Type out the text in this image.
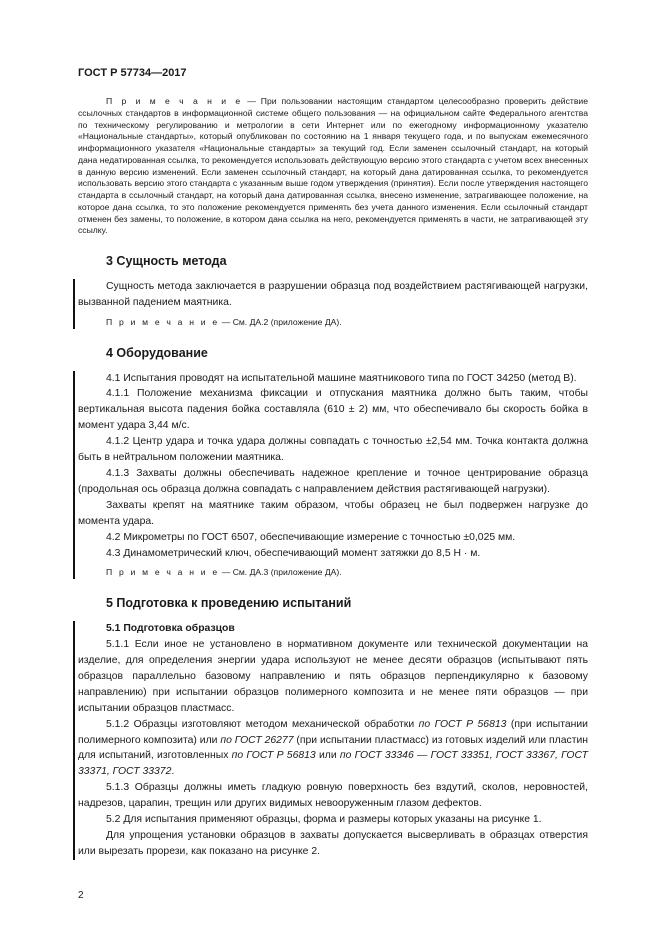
ГОСТ Р 57734—2017

П р и м е ч а н и е — При пользовании настоящим стандартом целесообразно проверить действие ссылочных стандартов в информационной системе общего пользования — на официальном сайте Федерального агентства по техническому регулированию и метрологии в сети Интернет или по ежегодному информационному указателю «Национальные стандарты», который опубликован по состоянию на 1 января текущего года, и по выпускам ежемесячного информационного указателя «Национальные стандарты» за текущий год. Если заменен ссылочный стандарт, на который дана недатированная ссылка, то рекомендуется использовать действующую версию этого стандарта с учетом всех внесенных в данную версию изменений. Если заменен ссылочный стандарт, на который дана датированная ссылка, то рекомендуется использовать версию этого стандарта с указанным выше годом утверждения (принятия). Если после утверждения настоящего стандарта в ссылочный стандарт, на который дана датированная ссылка, внесено изменение, затрагивающее положение, на которое дана ссылка, то это положение рекомендуется применять без учета данного изменения. Если ссылочный стандарт отменен без замены, то положение, в котором дана ссылка на него, рекомендуется применять в части, не затрагивающей эту ссылку.

3 Сущность метода

Сущность метода заключается в разрушении образца под воздействием растягивающей нагрузки, вызванной падением маятника.

П р и м е ч а н и е — См. ДА.2 (приложение ДА).

4 Оборудование

4.1 Испытания проводят на испытательной машине маятникового типа по ГОСТ 34250 (метод В).

4.1.1 Положение механизма фиксации и отпускания маятника должно быть таким, чтобы вертикальная высота падения бойка составляла (610 ± 2) мм, что обеспечивало бы скорость бойка в момент удара 3,44 м/с.

4.1.2 Центр удара и точка удара должны совпадать с точностью ±2,54 мм. Точка контакта должна быть в нейтральном положении маятника.

4.1.3 Захваты должны обеспечивать надежное крепление и точное центрирование образца (продольная ось образца должна совпадать с направлением действия растягивающей нагрузки).

Захваты крепят на маятнике таким образом, чтобы образец не был подвержен нагрузке до момента удара.

4.2 Микрометры по ГОСТ 6507, обеспечивающие измерение с точностью ±0,025 мм.

4.3 Динамометрический ключ, обеспечивающий момент затяжки до 8,5 Н · м.

П р и м е ч а н и е — См. ДА.3 (приложение ДА).

5 Подготовка к проведению испытаний

5.1 Подготовка образцов

5.1.1 Если иное не установлено в нормативном документе или технической документации на изделие, для определения энергии удара используют не менее десяти образцов (испытывают пять образцов параллельно базовому направлению и пять образцов перпендикулярно к базовому направлению) при испытании образцов полимерного композита и не менее пяти образцов — при испытании образцов пластмасс.

5.1.2 Образцы изготовляют методом механической обработки по ГОСТ Р 56813 (при испытании полимерного композита) или по ГОСТ 26277 (при испытании пластмасс) из готовых изделий или пластин для испытаний, изготовленных по ГОСТ Р 56813 или по ГОСТ 33346 — ГОСТ 33351, ГОСТ 33367, ГОСТ 33371, ГОСТ 33372.

5.1.3 Образцы должны иметь гладкую ровную поверхность без вздутий, сколов, неровностей, надрезов, царапин, трещин или других видимых невооруженным глазом дефектов.

5.2 Для испытания применяют образцы, форма и размеры которых указаны на рисунке 1.

Для упрощения установки образцов в захваты допускается высверливать в образцах отверстия или вырезать прорези, как показано на рисунке 2.

2
